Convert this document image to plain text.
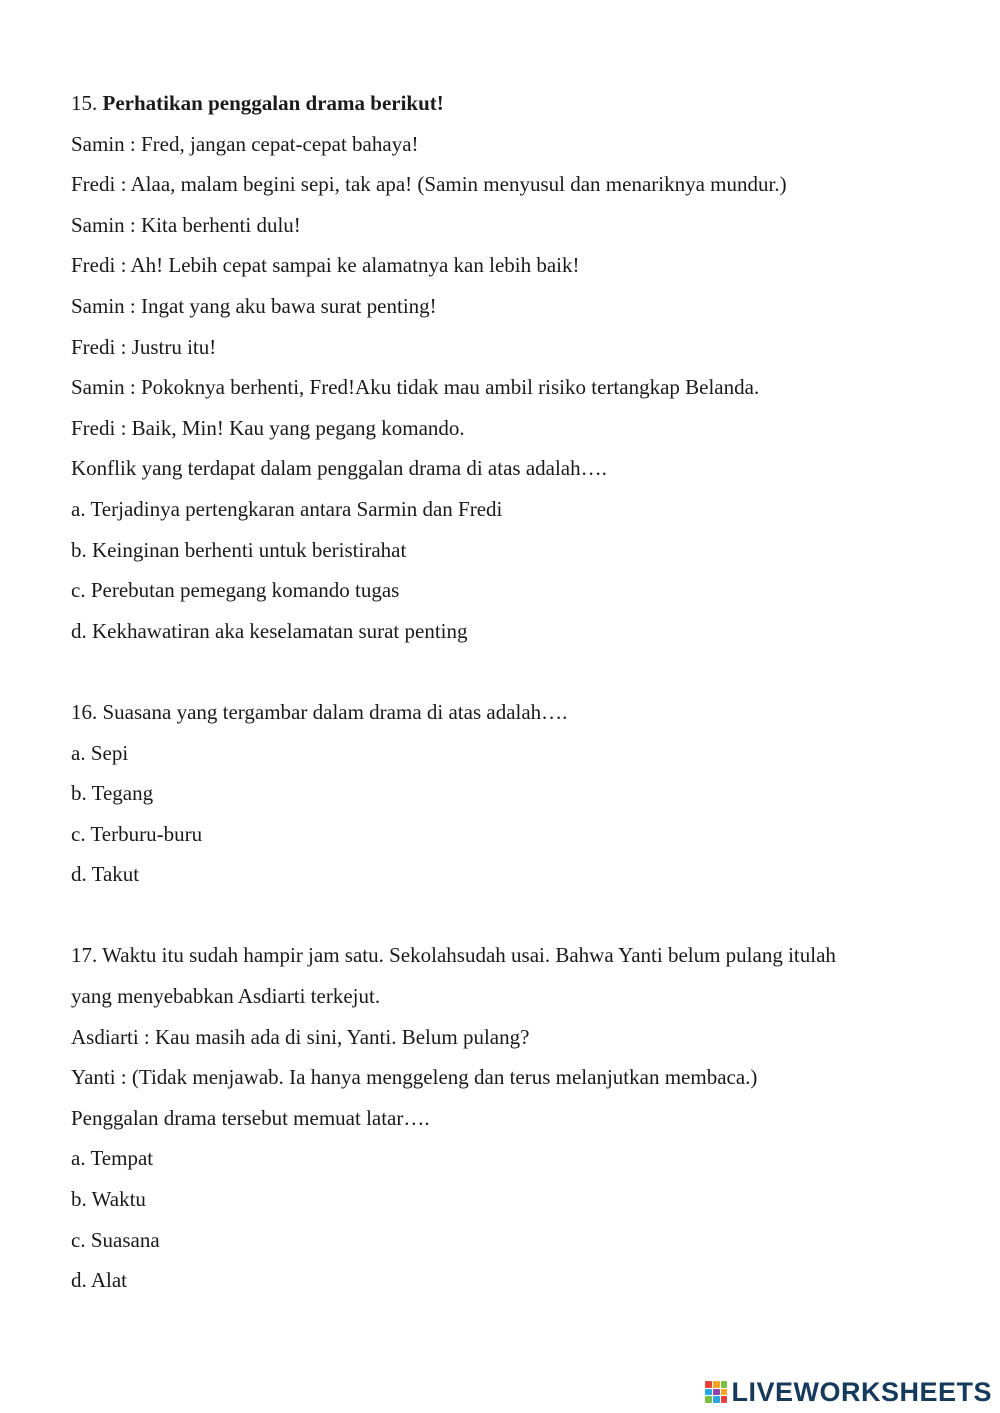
15. Perhatikan penggalan drama berikut!
Samin : Fred, jangan cepat-cepat bahaya!
Fredi : Alaa, malam begini sepi, tak apa! (Samin menyusul dan menariknya mundur.)
Samin : Kita berhenti dulu!
Fredi : Ah! Lebih cepat sampai ke alamatnya kan lebih baik!
Samin : Ingat yang aku bawa surat penting!
Fredi : Justru itu!
Samin : Pokoknya berhenti, Fred!Aku tidak mau ambil risiko tertangkap Belanda.
Fredi : Baik, Min! Kau yang pegang komando.
Konflik yang terdapat dalam penggalan drama di atas adalah….
a. Terjadinya pertengkaran antara Sarmin dan Fredi
b. Keinginan berhenti untuk beristirahat
c. Perebutan pemegang komando tugas
d. Kekhawatiran aka keselamatan surat penting
16. Suasana yang tergambar dalam drama di atas adalah….
a. Sepi
b. Tegang
c. Terburu-buru
d. Takut
17. Waktu itu sudah hampir jam satu. Sekolahsudah usai. Bahwa Yanti belum pulang itulah
yang menyebabkan Asdiarti terkejut.
Asdiarti : Kau masih ada di sini, Yanti. Belum pulang?
Yanti : (Tidak menjawab. Ia hanya menggeleng dan terus melanjutkan membaca.)
Penggalan drama tersebut memuat latar….
a. Tempat
b. Waktu
c. Suasana
d. Alat
LIVEWORKSHEETS
